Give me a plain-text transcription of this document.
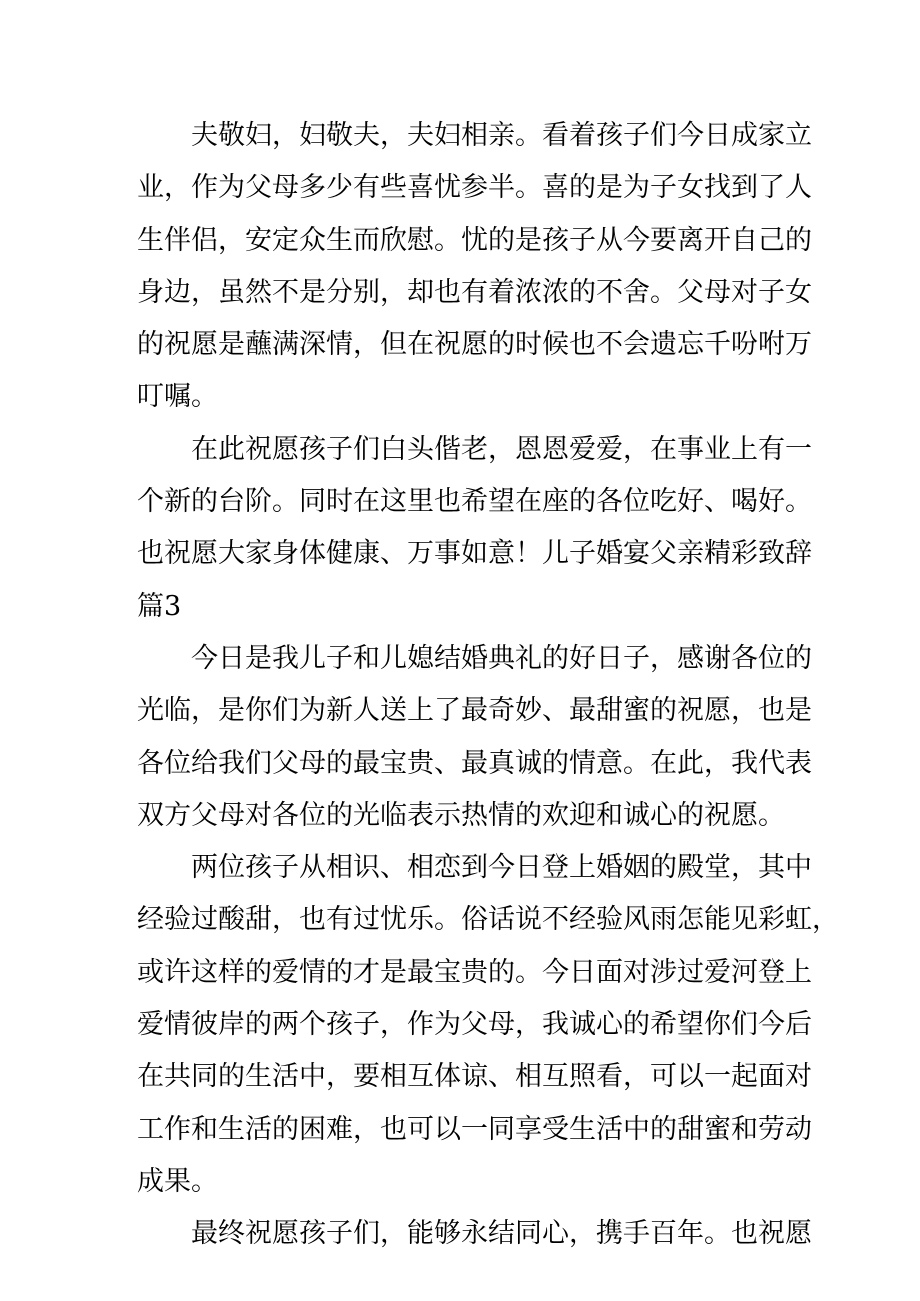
夫敬妇，妇敬夫，夫妇相亲。看着孩子们今日成家立
业，作为父母多少有些喜忧参半。喜的是为子女找到了人
生伴侣，安定众生而欣慰。忧的是孩子从今要离开自己的
身边，虽然不是分别，却也有着浓浓的不舍。父母对子女
的祝愿是蘸满深情，但在祝愿的时候也不会遗忘千吩咐万
叮嘱。
在此祝愿孩子们白头偕老，恩恩爱爱，在事业上有一
个新的台阶。同时在这里也希望在座的各位吃好、喝好。
也祝愿大家身体健康、万事如意！儿子婚宴父亲精彩致辞
篇3
今日是我儿子和儿媳结婚典礼的好日子，感谢各位的
光临，是你们为新人送上了最奇妙、最甜蜜的祝愿，也是
各位给我们父母的最宝贵、最真诚的情意。在此，我代表
双方父母对各位的光临表示热情的欢迎和诚心的祝愿。
两位孩子从相识、相恋到今日登上婚姻的殿堂，其中
经验过酸甜，也有过忧乐。俗话说不经验风雨怎能见彩虹，
或许这样的爱情的才是最宝贵的。今日面对涉过爱河登上
爱情彼岸的两个孩子，作为父母，我诚心的希望你们今后
在共同的生活中，要相互体谅、相互照看，可以一起面对
工作和生活的困难，也可以一同享受生活中的甜蜜和劳动
成果。
最终祝愿孩子们，能够永结同心，携手百年。也祝愿
